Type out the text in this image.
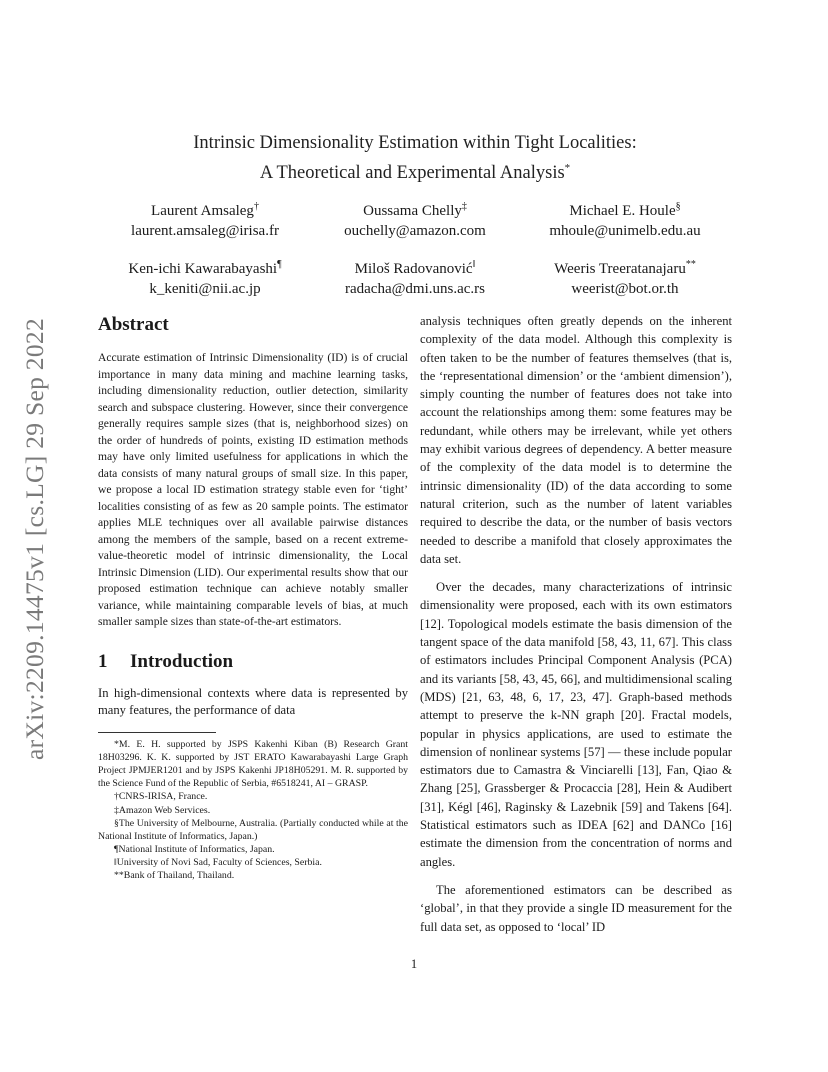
arXiv:2209.14475v1 [cs.LG] 29 Sep 2022
Intrinsic Dimensionality Estimation within Tight Localities:
A Theoretical and Experimental Analysis*
Laurent Amsaleg†
laurent.amsaleg@irisa.fr
Oussama Chelly‡
ouchelly@amazon.com
Michael E. Houle§
mhoule@unimelb.edu.au
Ken-ichi Kawarabayashi¶
k_keniti@nii.ac.jp
Miloš Radovanović‖
radacha@dmi.uns.ac.rs
Weeris Treeratanajaru**
weerist@bot.or.th
Abstract

Accurate estimation of Intrinsic Dimensionality (ID) is of crucial importance in many data mining and machine learning tasks, including dimensionality reduction, outlier detection, similarity search and subspace clustering. However, since their convergence generally requires sample sizes (that is, neighborhood sizes) on the order of hundreds of points, existing ID estimation methods may have only limited usefulness for applications in which the data consists of many natural groups of small size. In this paper, we propose a local ID estimation strategy stable even for ‘tight’ localities consisting of as few as 20 sample points. The estimator applies MLE techniques over all available pairwise distances among the members of the sample, based on a recent extreme-value-theoretic model of intrinsic dimensionality, the Local Intrinsic Dimension (LID). Our experimental results show that our proposed estimation technique can achieve notably smaller variance, while maintaining comparable levels of bias, at much smaller sample sizes than state-of-the-art estimators.

1 Introduction

In high-dimensional contexts where data is represented by many features, the performance of data

*M. E. H. supported by JSPS Kakenhi Kiban (B) Research Grant 18H03296. K. K. supported by JST ERATO Kawarabayashi Large Graph Project JPMJER1201 and by JSPS Kakenhi JP18H05291. M. R. supported by the Science Fund of the Republic of Serbia, #6518241, AI – GRASP.

†CNRS-IRISA, France.

‡Amazon Web Services.

§The University of Melbourne, Australia. (Partially conducted while at the National Institute of Informatics, Japan.)

¶National Institute of Informatics, Japan.

‖University of Novi Sad, Faculty of Sciences, Serbia.

**Bank of Thailand, Thailand.

analysis techniques often greatly depends on the inherent complexity of the data model. Although this complexity is often taken to be the number of features themselves (that is, the ‘representational dimension’ or the ‘ambient dimension’), simply counting the number of features does not take into account the relationships among them: some features may be redundant, while others may be irrelevant, while yet others may exhibit various degrees of dependency. A better measure of the complexity of the data model is to determine the intrinsic dimensionality (ID) of the data according to some natural criterion, such as the number of latent variables required to describe the data, or the number of basis vectors needed to describe a manifold that closely approximates the data set.

Over the decades, many characterizations of intrinsic dimensionality were proposed, each with its own estimators [12]. Topological models estimate the basis dimension of the tangent space of the data manifold [58, 43, 11, 67]. This class of estimators includes Principal Component Analysis (PCA) and its variants [58, 43, 45, 66], and multidimensional scaling (MDS) [21, 63, 48, 6, 17, 23, 47]. Graph-based methods attempt to preserve the k-NN graph [20]. Fractal models, popular in physics applications, are used to estimate the dimension of nonlinear systems [57] — these include popular estimators due to Camastra & Vinciarelli [13], Fan, Qiao & Zhang [25], Grassberger & Procaccia [28], Hein & Audibert [31], Kégl [46], Raginsky & Lazebnik [59] and Takens [64]. Statistical estimators such as IDEA [62] and DANCo [16] estimate the dimension from the concentration of norms and angles.

The aforementioned estimators can be described as ‘global’, in that they provide a single ID measurement for the full data set, as opposed to ‘local’ ID

1
